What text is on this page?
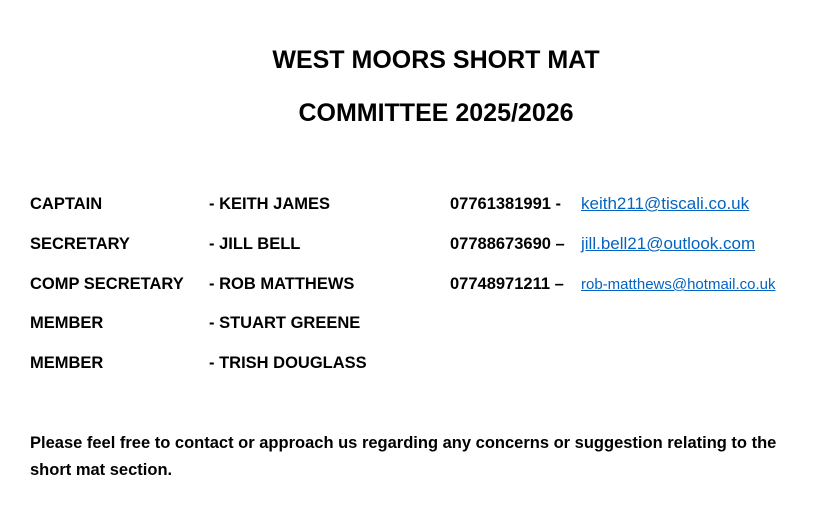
WEST MOORS SHORT MAT
COMMITTEE 2025/2026
CAPTAIN	- KEITH JAMES	07761381991 - keith211@tiscali.co.uk
SECRETARY	- JILL BELL	07788673690 – jill.bell21@outlook.com
COMP SECRETARY - ROB MATTHEWS	07748971211 – rob-matthews@hotmail.co.uk
MEMBER	- STUART GREENE
MEMBER	- TRISH DOUGLASS
Please feel free to contact or approach us regarding any concerns or suggestion relating to the short mat section.
